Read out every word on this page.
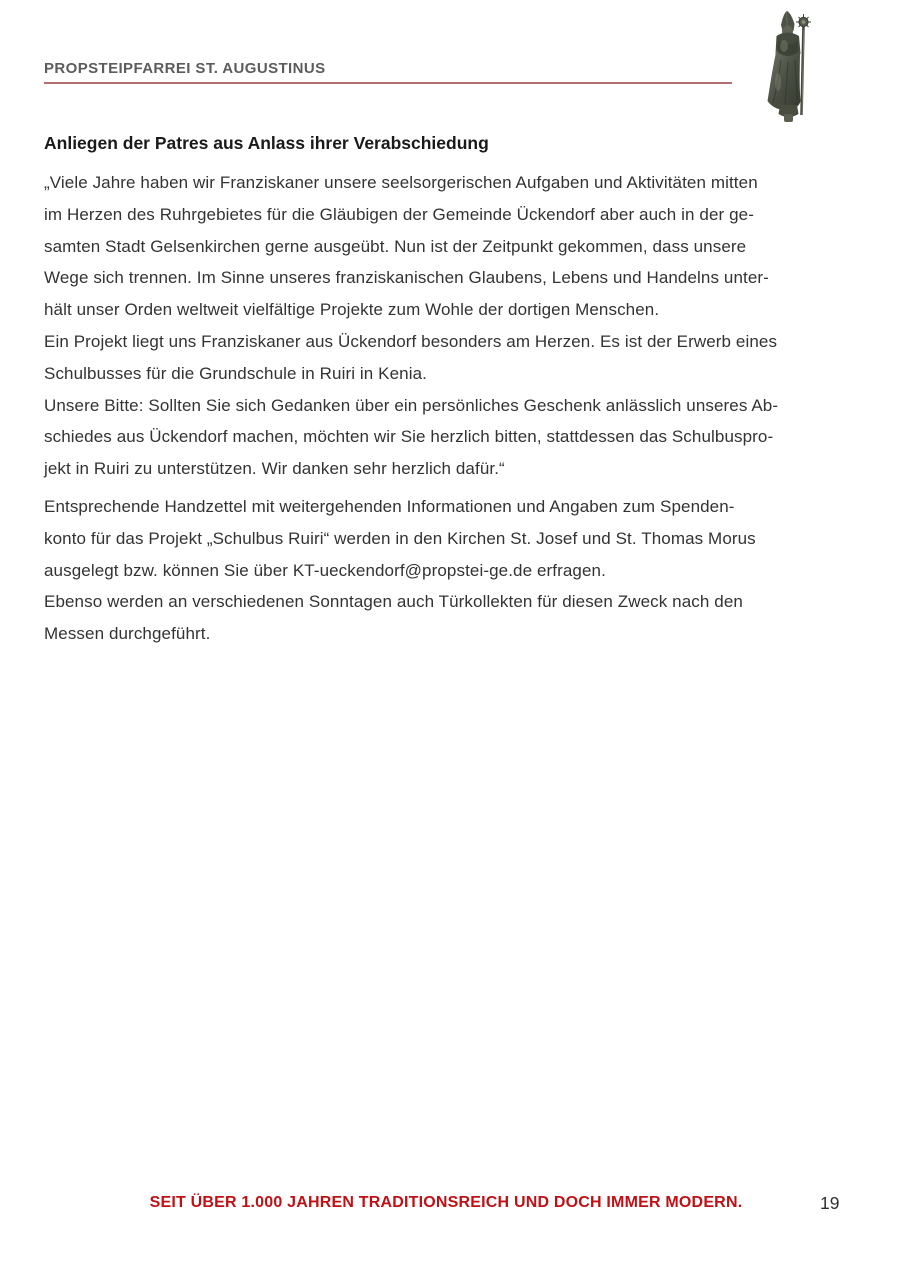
PROPSTEIPFARREI ST. AUGUSTINUS
Anliegen der Patres aus Anlass ihrer Verabschiedung
„Viele Jahre haben wir Franziskaner unsere seelsorgerischen Aufgaben und Aktivitäten mitten
im Herzen des Ruhrgebietes für die Gläubigen der Gemeinde Ückendorf aber auch in der ge-
samten Stadt Gelsenkirchen gerne ausgeübt. Nun ist der Zeitpunkt gekommen, dass unsere
Wege sich trennen. Im Sinne unseres franziskanischen Glaubens, Lebens und Handelns unter-
hält unser Orden weltweit vielfältige Projekte zum Wohle der dortigen Menschen.
Ein Projekt liegt uns Franziskaner aus Ückendorf besonders am Herzen. Es ist der Erwerb eines
Schulbusses für die Grundschule in Ruiri in Kenia.
Unsere Bitte: Sollten Sie sich Gedanken über ein persönliches Geschenk anlässlich unseres Ab-
schiedes aus Ückendorf machen, möchten wir Sie herzlich bitten, stattdessen das Schulbuspro-
jekt in Ruiri zu unterstützen. Wir danken sehr herzlich dafür.“
Entsprechende Handzettel mit weitergehenden Informationen und Angaben zum Spenden-
konto für das Projekt „Schulbus Ruiri“ werden in den Kirchen St. Josef und St. Thomas Morus
ausgelegt bzw. können Sie über KT-ueckendorf@propstei-ge.de erfragen.
Ebenso werden an verschiedenen Sonntagen auch Türkollekten für diesen Zweck nach den
Messen durchgeführt.
SEIT ÜBER 1.000 JAHREN TRADITIONSREICH UND DOCH IMMER MODERN.	19
